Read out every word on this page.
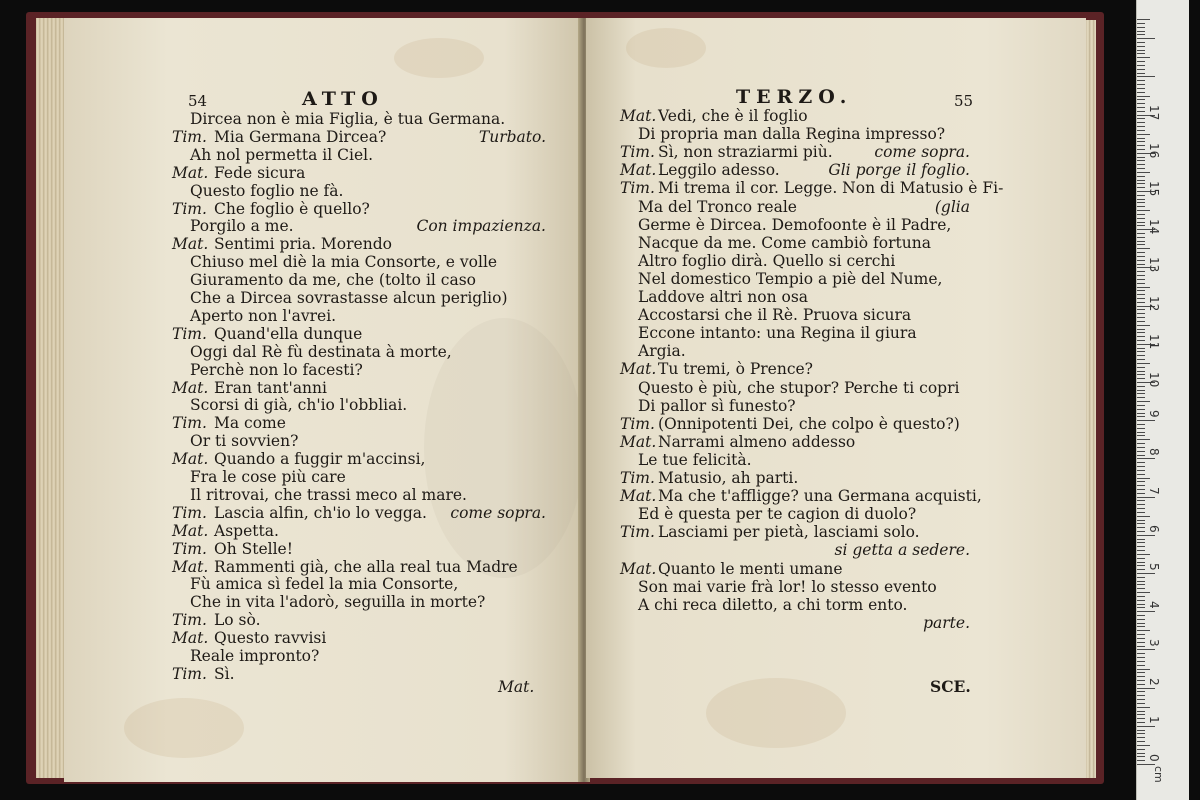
54	ATTO
Dircea non è mia Figlia, è tua Germana.
Tim. Mia Germana Dircea?	Turbato.
Ah nol permetta il Ciel.
Mat. Fede sicura
Questo foglio ne fà.
Tim. Che foglio è quello?
Porgilo a me.	Con impazienza.
Mat. Sentimi pria. Morendo
Chiuso mel diè la mia Consorte, e volle
Giuramento da me, che (tolto il caso
Che a Dircea sovrastasse alcun periglio)
Aperto non l'avrei.
Tim. Quand'ella dunque
Oggi dal Rè fù destinata à morte,
Perchè non lo facesti?
Mat. Eran tant'anni
Scorsi di già, ch'io l'obbliai.
Tim. Ma come
Or ti sovvien?
Mat. Quando a fuggir m'accinsi,
Fra le cose più care
Il ritrovai, che trassi meco al mare.
Tim. Lascia alfin, ch'io lo vegga. come sopra.
Mat. Aspetta.
Tim. Oh Stelle!
Mat. Rammenti già, che alla real tua Madre
Fù amica sì fedel la mia Consorte,
Che in vita l'adorò, seguilla in morte?
Tim. Lo sò.
Mat. Questo ravvisi
Reale impronto?
Tim. Sì.
Mat.
TERZO.	55
Mat. Vedi, che è il foglio
Di propria man dalla Regina impresso?
Tim. Sì, non straziarmi più.	come sopra.
Mat. Leggilo adesso.	Gli porge il foglio.
Tim. Mi trema il cor. Legge. Non di Matusio è Fi-
Ma del Tronco reale	(glia
Germe è Dircea. Demofoonte è il Padre,
Nacque da me. Come cambiò fortuna
Altro foglio dirà. Quello si cerchi
Nel domestico Tempio a piè del Nume,
Laddove altri non osa
Accostarsi che il Rè. Pruova sicura
Eccone intanto: una Regina il giura
Argia.
Mat. Tu tremi, ò Prence?
Questo è più, che stupor? Perche ti copri
Di pallor sì funesto?
Tim. (Onnipotenti Dei, che colpo è questo?)
Mat. Narrami almeno addesso
Le tue felicità.
Tim. Matusio, ah parti.
Mat. Ma che t'affligge? una Germana acquisti,
Ed è questa per te cagion di duolo?
Tim. Lasciami per pietà, lasciami solo.
si getta a sedere.
Mat. Quanto le menti umane
Son mai varie frà lor! lo stesso evento
A chi reca diletto, a chi torm ento.
parte.
SCE.
cm
0
1
2
3
4
5
6
7
8
9
10
11
12
13
14
15
16
17
